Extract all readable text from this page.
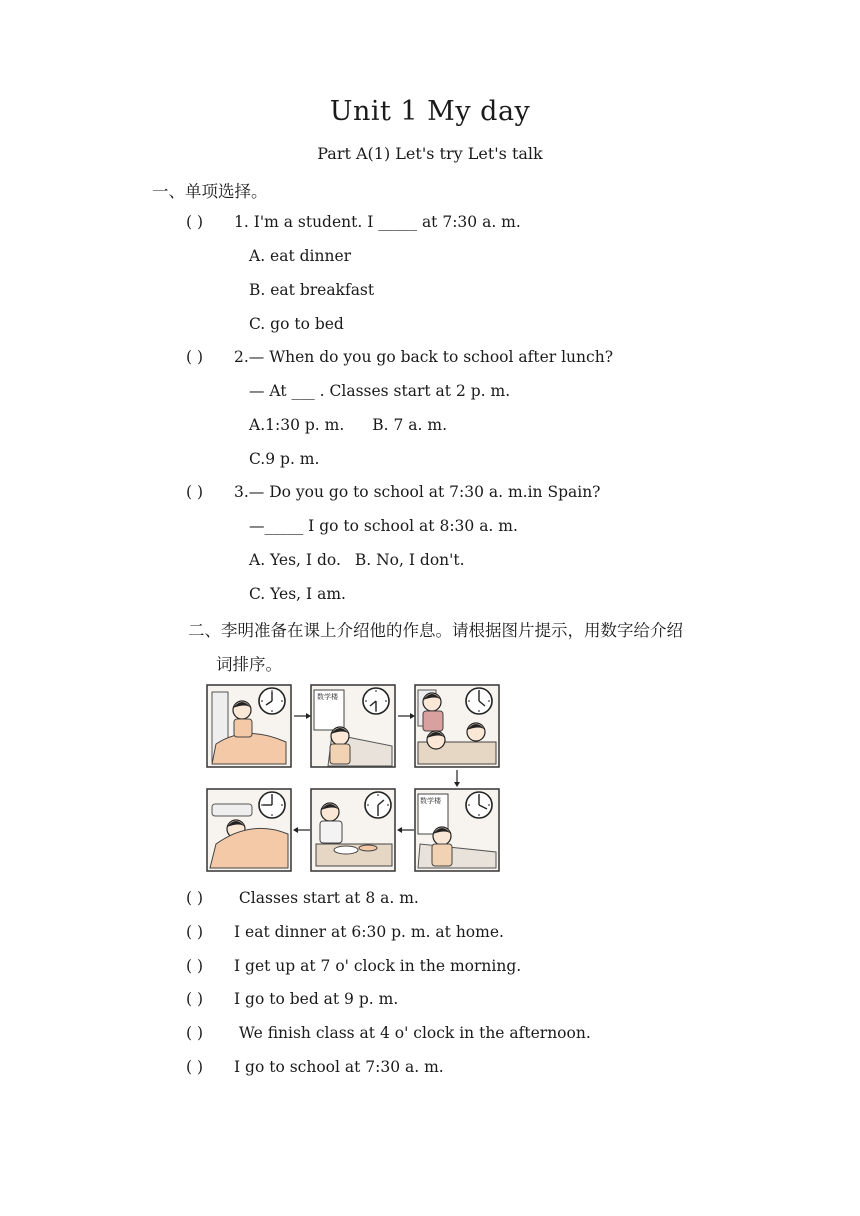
Unit 1 My day
Part A(1) Let's try Let's talk
一、单项选择。
( ) 1. I'm a student. I _____ at 7:30 a. m.
A. eat dinner
B. eat breakfast
C. go to bed
( ) 2.— When do you go back to school after lunch?
— At ___ . Classes start at 2 p. m.
A.1:30 p. m. B. 7 a. m.
C.9 p. m.
( ) 3.— Do you go to school at 7:30 a. m.in Spain?
—_____ I go to school at 8:30 a. m.
A. Yes, I do. B. No, I don't.
C. Yes, I am.
二、李明准备在课上介绍他的作息。请根据图片提示，用数字给介绍
词排序。
数学楼
数学楼
( ) Classes start at 8 a. m.
( ) I eat dinner at 6:30 p. m. at home.
( ) I get up at 7 o' clock in the morning.
( ) I go to bed at 9 p. m.
( ) We finish class at 4 o' clock in the afternoon.
( ) I go to school at 7:30 a. m.
